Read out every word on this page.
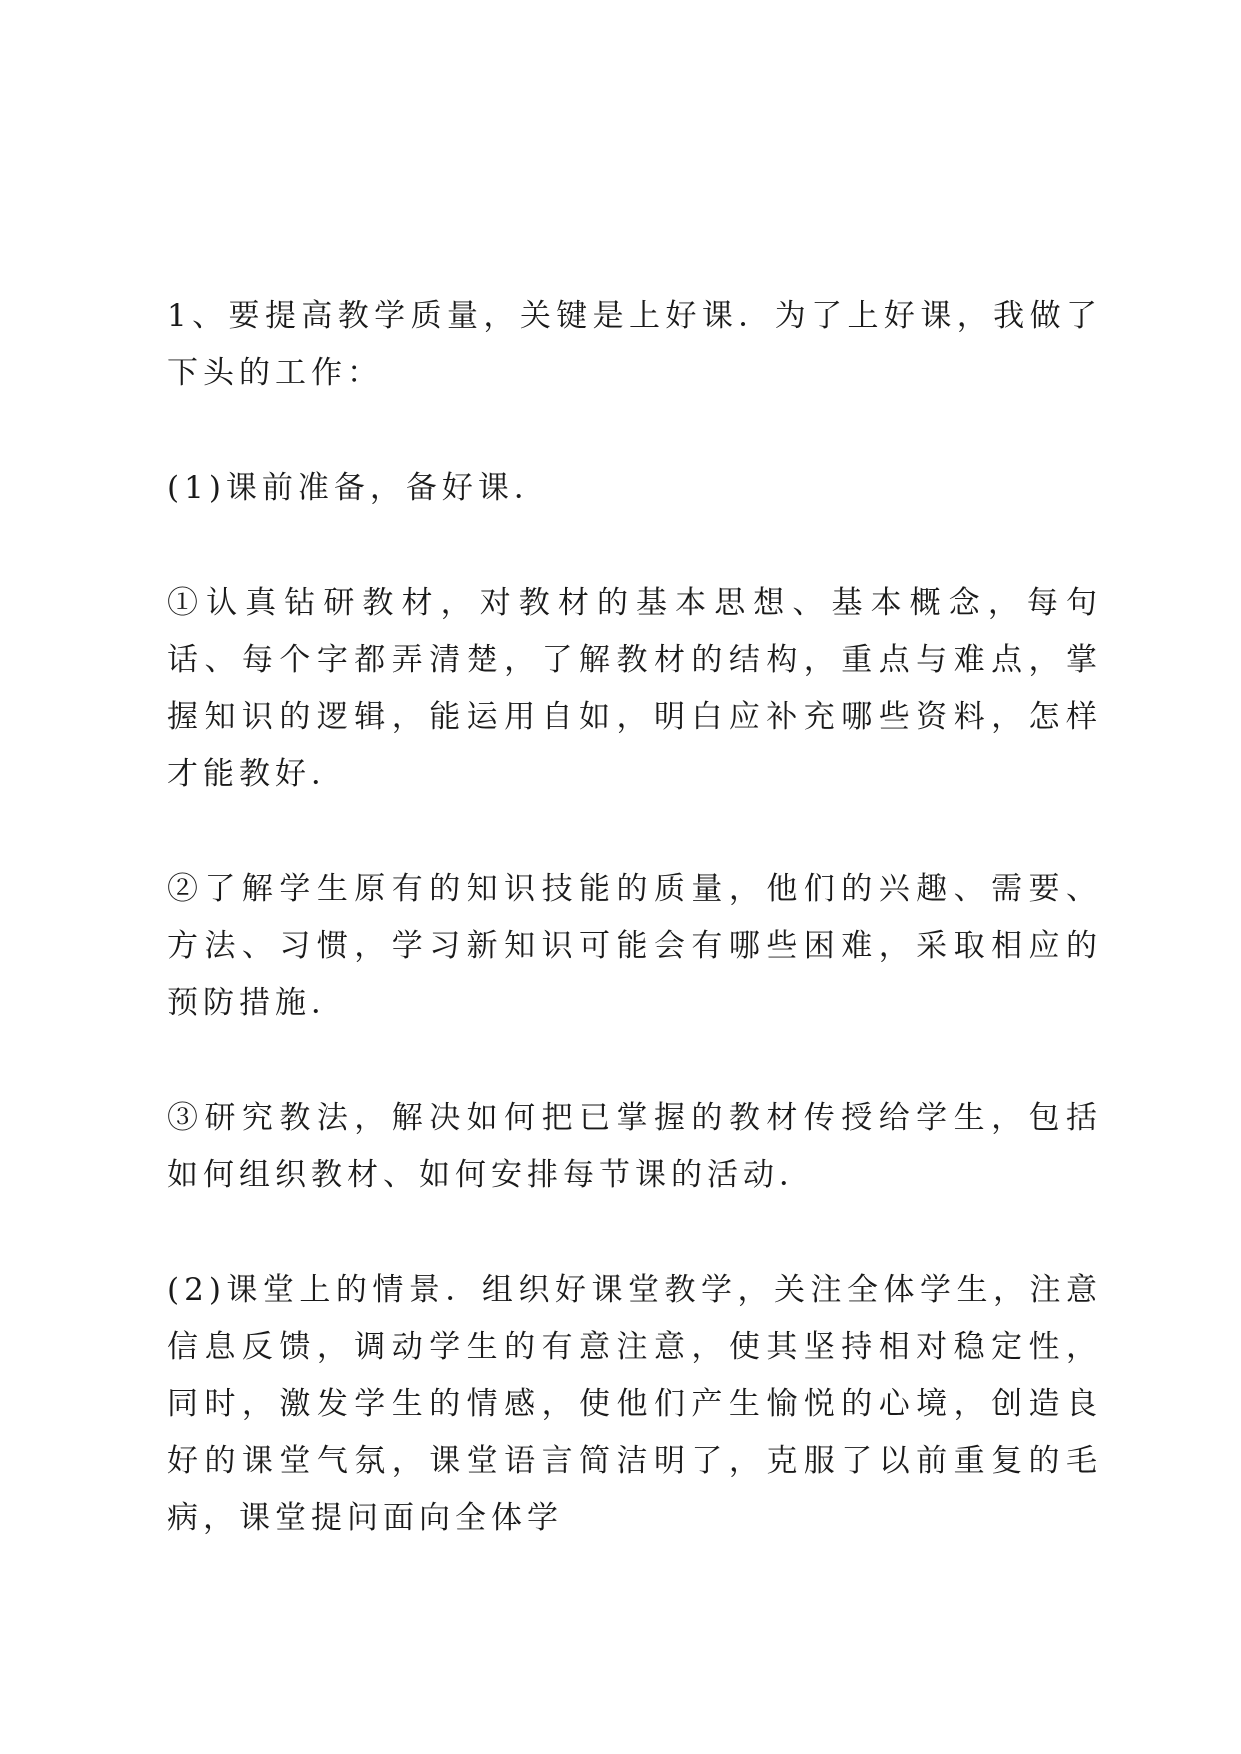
1、要提高教学质量，关键是上好课．为了上好课，我做了下头的工作：

(1)课前准备，备好课．

①认真钻研教材，对教材的基本思想、基本概念，每句话、每个字都弄清楚，了解教材的结构，重点与难点，掌握知识的逻辑，能运用自如，明白应补充哪些资料，怎样才能教好．

②了解学生原有的知识技能的质量，他们的兴趣、需要、方法、习惯，学习新知识可能会有哪些困难，采取相应的预防措施．

③研究教法，解决如何把已掌握的教材传授给学生，包括如何组织教材、如何安排每节课的活动．

(2)课堂上的情景．组织好课堂教学，关注全体学生，注意信息反馈，调动学生的有意注意，使其坚持相对稳定性，同时，激发学生的情感，使他们产生愉悦的心境，创造良好的课堂气氛，课堂语言简洁明了，克服了以前重复的毛病，课堂提问面向全体学
